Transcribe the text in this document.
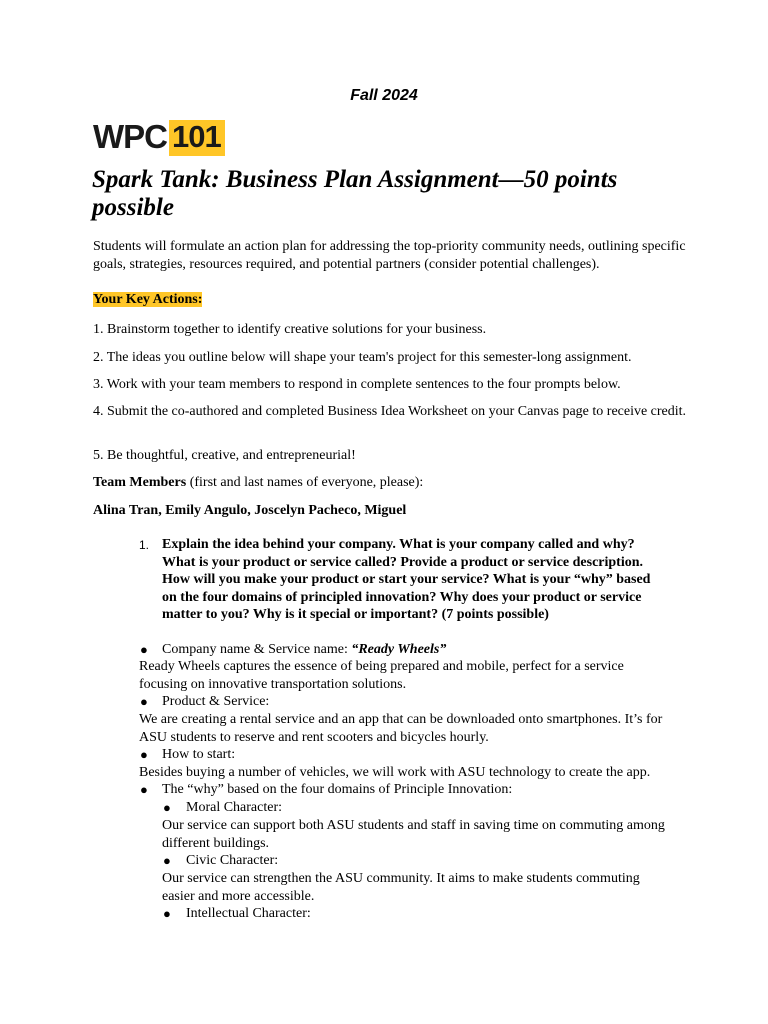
Fall 2024
WPC 101
Spark Tank: Business Plan Assignment—50 points possible
Students will formulate an action plan for addressing the top-priority community needs, outlining specific goals, strategies, resources required, and potential partners (consider potential challenges).
Your Key Actions:
1. Brainstorm together to identify creative solutions for your business.
2. The ideas you outline below will shape your team's project for this semester-long assignment.
3. Work with your team members to respond in complete sentences to the four prompts below.
4. Submit the co-authored and completed Business Idea Worksheet on your Canvas page to receive credit.
5. Be thoughtful, creative, and entrepreneurial!
Team Members (first and last names of everyone, please):
Alina Tran, Emily Angulo, Joscelyn Pacheco, Miguel
1. Explain the idea behind your company. What is your company called and why? What is your product or service called? Provide a product or service description. How will you make your product or start your service? What is your “why” based on the four domains of principled innovation? Why does your product or service matter to you? Why is it special or important? (7 points possible)
● Company name & Service name: “Ready Wheels”
Ready Wheels captures the essence of being prepared and mobile, perfect for a service focusing on innovative transportation solutions.
● Product & Service:
We are creating a rental service and an app that can be downloaded onto smartphones. It’s for ASU students to reserve and rent scooters and bicycles hourly.
● How to start:
Besides buying a number of vehicles, we will work with ASU technology to create the app.
● The “why” based on the four domains of Principle Innovation:
● Moral Character:
Our service can support both ASU students and staff in saving time on commuting among different buildings.
● Civic Character:
Our service can strengthen the ASU community. It aims to make students commuting easier and more accessible.
● Intellectual Character:
